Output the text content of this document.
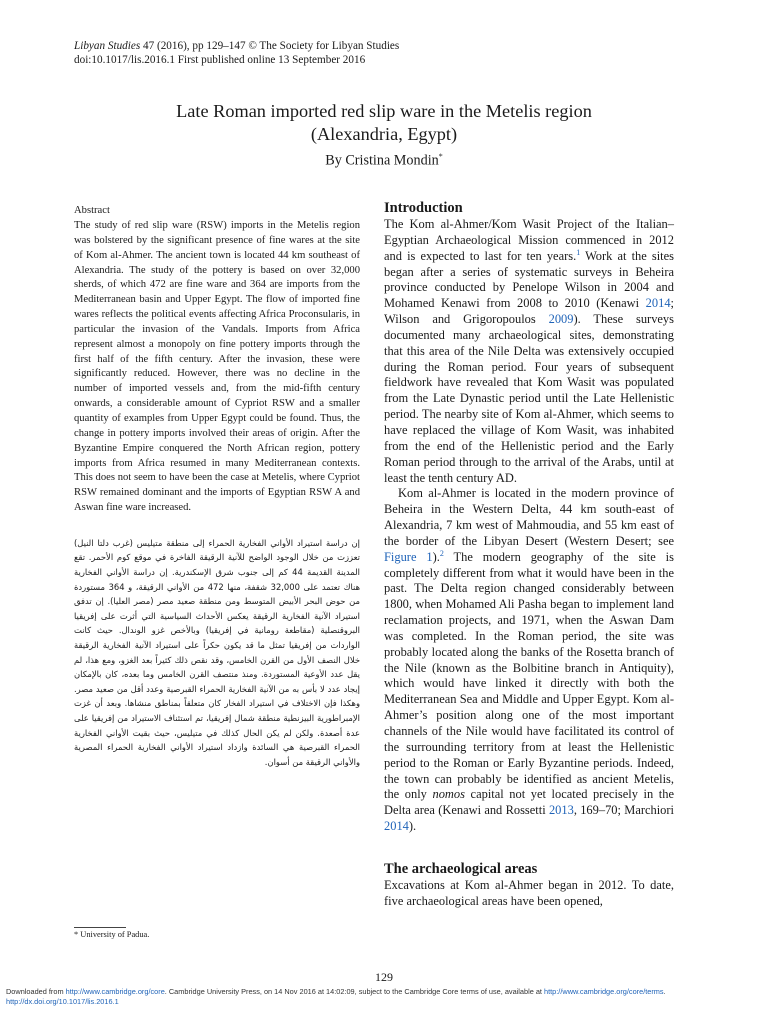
Libyan Studies 47 (2016), pp 129–147 © The Society for Libyan Studies
doi:10.1017/lis.2016.1 First published online 13 September 2016
Late Roman imported red slip ware in the Metelis region
(Alexandria, Egypt)
By Cristina Mondin*
Abstract
The study of red slip ware (RSW) imports in the Metelis region was bolstered by the significant presence of fine wares at the site of Kom al-Ahmer. The ancient town is located 44 km southeast of Alexandria. The study of the pottery is based on over 32,000 sherds, of which 472 are fine ware and 364 are imports from the Mediterranean basin and Upper Egypt. The flow of imported fine wares reflects the political events affecting Africa Proconsularis, in particular the invasion of the Vandals. Imports from Africa represent almost a monopoly on fine pottery imports through the first half of the fifth century. After the invasion, these were significantly reduced. However, there was no decline in the number of imported vessels and, from the mid-fifth century onwards, a considerable amount of Cypriot RSW and a smaller quantity of examples from Upper Egypt could be found. Thus, the change in pottery imports involved their areas of origin. After the Byzantine Empire conquered the North African region, pottery imports from Africa resumed in many Mediterranean contexts. This does not seem to have been the case at Metelis, where Cypriot RSW remained dominant and the imports of Egyptian RSW A and Aswan fine ware increased.
إن دراسة استيراد الأواني الفخارية الحمراء إلى منطقة متيليس (غرب دلتا النيل) تعززت من خلال الوجود الواضح للآنية الرقيقة الفاخرة في موقع كوم الأحمر. تقع المدينة القديمة 44 كم إلى جنوب شرق الإسكندرية. إن دراسة الأواني الفخارية هناك تعتمد على 32,000 شقفة، منها 472 من الأواني الرقيقة، و 364 مستوردة من حوض البحر الأبيض المتوسط ومن منطقة صعيد مصر (مصر العليا). إن تدفق استيراد الآنية الفخارية الرقيقة يعكس الأحداث السياسية التي أثرت على إفريقيا البروقنصلية (مقاطعة رومانية في إفريقيا) وبالأخص غزو الوندال. حيث كانت الواردات من إفريقيا تمثل ما قد يكون حكراً على استيراد الآنية الفخارية الرقيقة خلال النصف الأول من القرن الخامس، وقد نقص ذلك كثيراً بعد الغزو، ومع هذا، لم يقل عدد الأوعية المستوردة. ومنذ منتصف القرن الخامس وما بعده، كان بالإمكان إيجاد عدد لا بأس به من الآنية الفخارية الحمراء القبرصية وعدد أقل من صعيد مصر. وهكذا فإن الاختلاف في استيراد الفخار كان متعلقاً بمناطق منشاها. وبعد أن غزت الإمبراطورية البيزنطية منطقة شمال إفريقيا، تم استئناف الاستيراد من إفريقيا على عدة أصعدة. ولكن لم يكن الحال كذلك في متيليس، حيث بقيت الأواني الفخارية الحمراء القبرصية هي السائدة وازداد استيراد الأواني الفخارية الحمراء المصرية والأواني الرقيقة من أسوان.
* University of Padua.
Introduction

The Kom al-Ahmer/Kom Wasit Project of the Italian–Egyptian Archaeological Mission commenced in 2012 and is expected to last for ten years.$^1$ Work at the sites began after a series of systematic surveys in Beheira province conducted by Penelope Wilson in 2004 and Mohamed Kenawi from 2008 to 2010 (Kenawi 2014; Wilson and Grigoropoulos 2009). These surveys documented many archaeological sites, demonstrating that this area of the Nile Delta was extensively occupied during the Roman period. Four years of subsequent fieldwork have revealed that Kom Wasit was populated from the Late Dynastic period until the Late Hellenistic period. The nearby site of Kom al-Ahmer, which seems to have replaced the village of Kom Wasit, was inhabited from the end of the Hellenistic period and the Early Roman period through to the arrival of the Arabs, until at least the tenth century AD.

Kom al-Ahmer is located in the modern province of Beheira in the Western Delta, 44 km south-east of Alexandria, 7 km west of Mahmoudia, and 55 km east of the border of the Libyan Desert (Western Desert; see Figure 1).$^2$ The modern geography of the site is completely different from what it would have been in the past. The Delta region changed considerably between 1800, when Mohamed Ali Pasha began to implement land reclamation projects, and 1971, when the Aswan Dam was completed. In the Roman period, the site was probably located along the banks of the Rosetta branch of the Nile (known as the Bolbitine branch in Antiquity), which would have linked it directly with both the Mediterranean Sea and Middle and Upper Egypt. Kom al-Ahmer’s position along one of the most important channels of the Nile would have facilitated its control of the surrounding territory from at least the Hellenistic period to the Roman or Early Byzantine periods. Indeed, the town can probably be identified as ancient Metelis, the only nomos capital not yet located precisely in the Delta area (Kenawi and Rossetti 2013, 169–70; Marchiori 2014).

The archaeological areas
Excavations at Kom al-Ahmer began in 2012. To date, five archaeological areas have been opened,
129
Downloaded from http://www.cambridge.org/core. Cambridge University Press, on 14 Nov 2016 at 14:02:09, subject to the Cambridge Core terms of use, available at http://www.cambridge.org/core/terms.
http://dx.doi.org/10.1017/lis.2016.1
